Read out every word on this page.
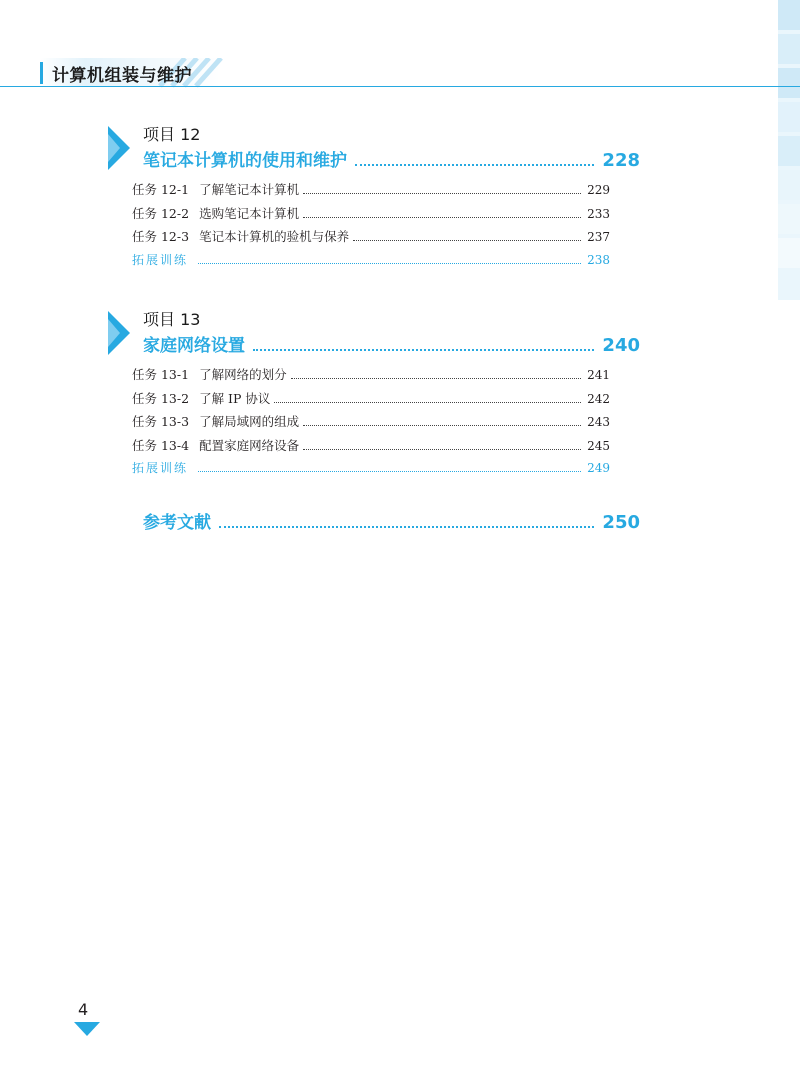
计算机组装与维护
项目 12
笔记本计算机的使用和维护	228
任务 12-1 了解笔记本计算机	229
任务 12-2 选购笔记本计算机	233
任务 12-3 笔记本计算机的验机与保养	237
拓展训练	238
项目 13
家庭网络设置	240
任务 13-1 了解网络的划分	241
任务 13-2 了解 IP 协议	242
任务 13-3 了解局域网的组成	243
任务 13-4 配置家庭网络设备	245
拓展训练	249
参考文献	250
4
